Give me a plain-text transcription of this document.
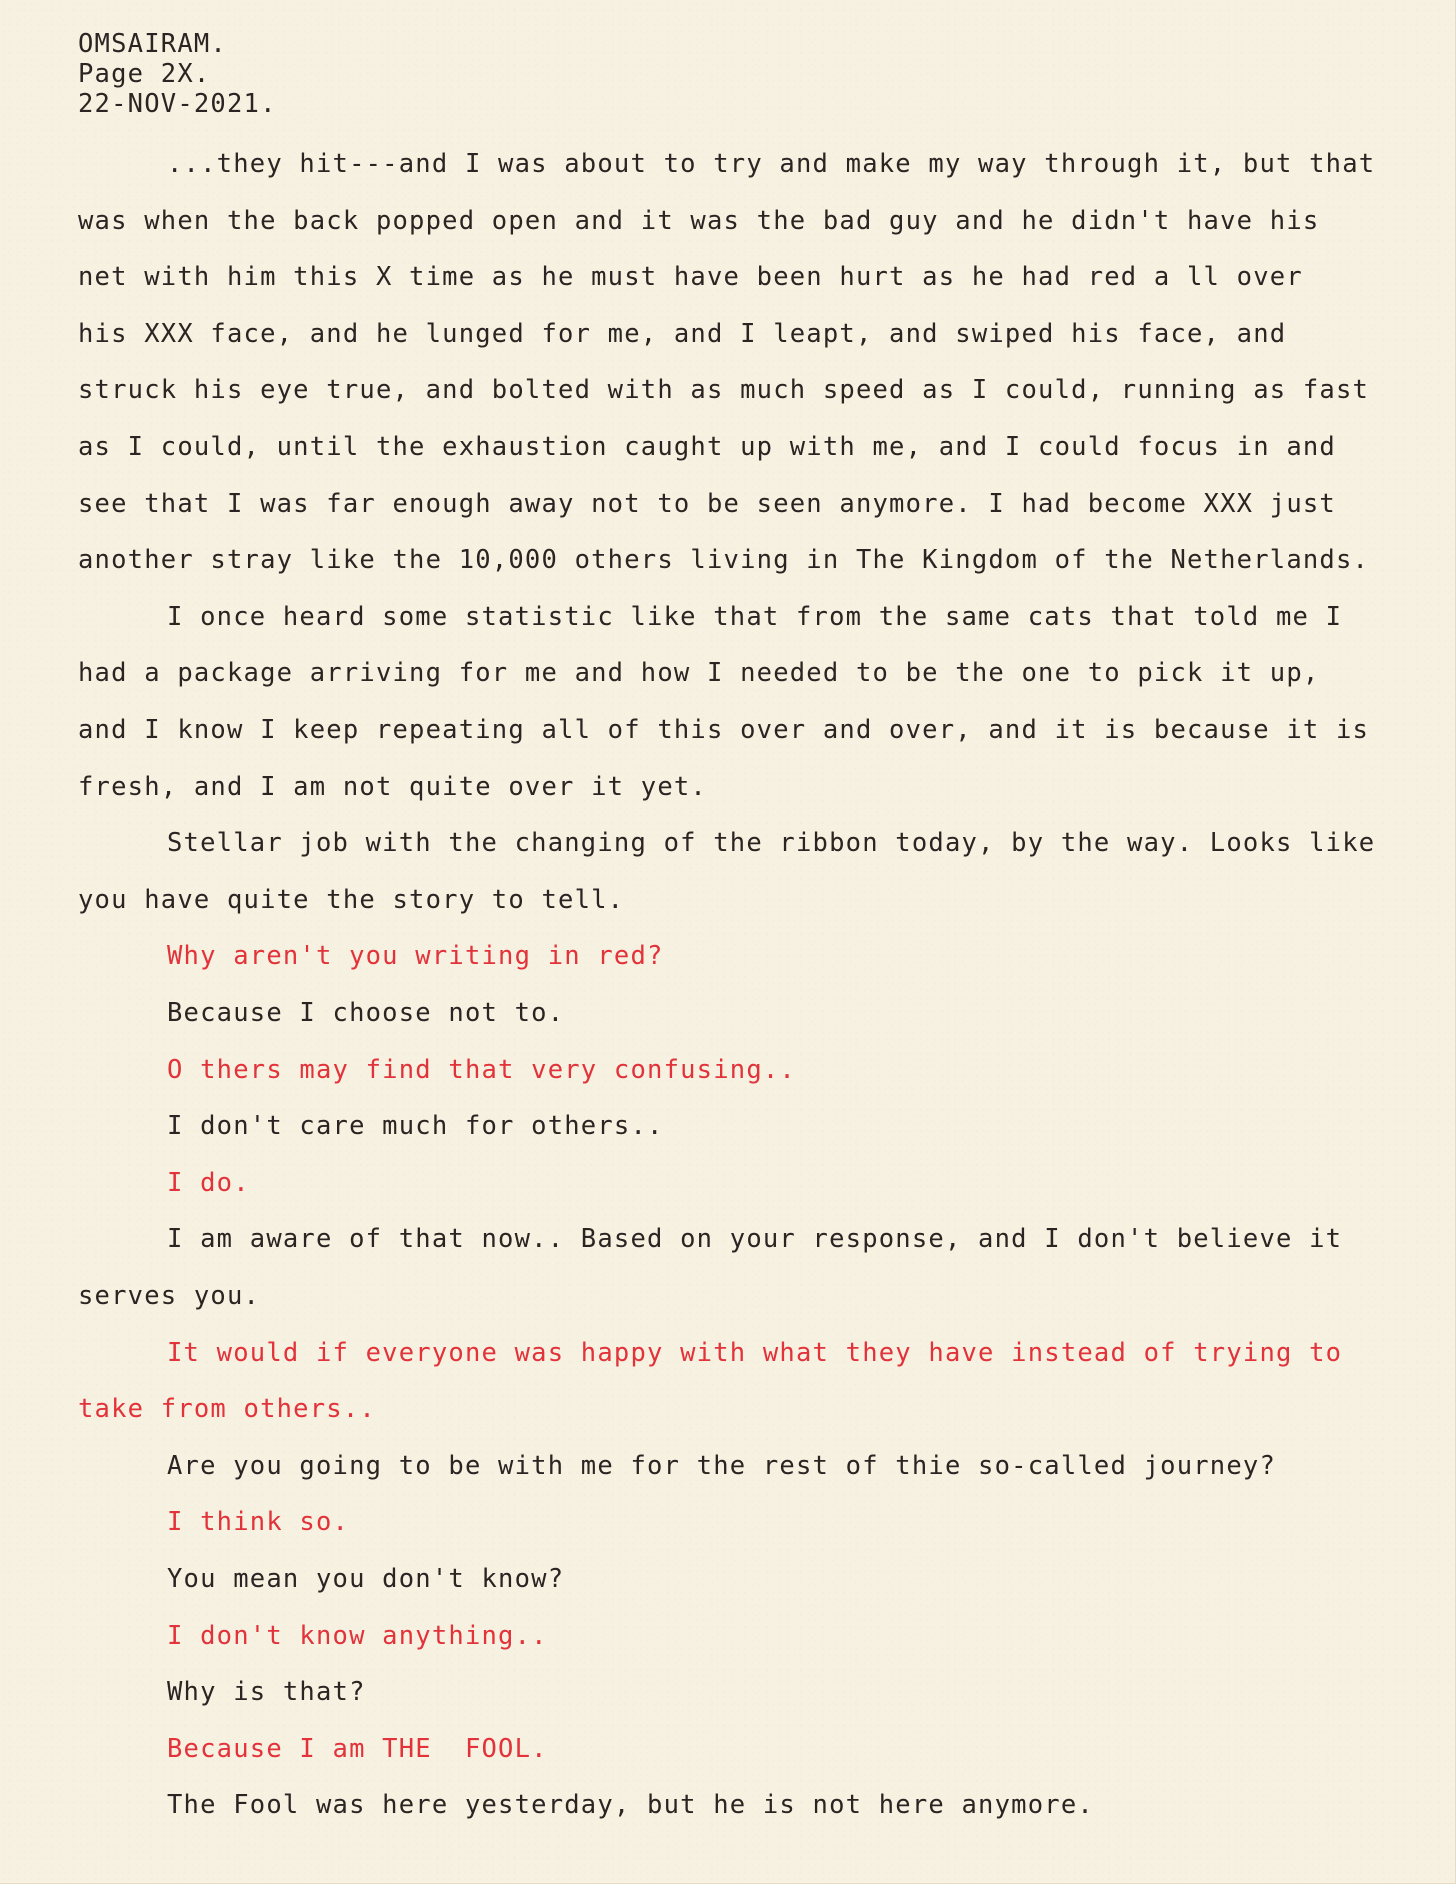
OMSAIRAM.
Page 2X.
22-NOV-2021.
...they hit---and I was about to try and make my way through it, but that
was when the back popped open and it was the bad guy and he didn't have his
net with him this X time as he must have been hurt as he had red a ll over
his XXX face, and he lunged for me, and I leapt, and swiped his face, and
struck his eye true, and bolted with as much speed as I could, running as fast
as I could, until the exhaustion caught up with me, and I could focus in and
see that I was far enough away not to be seen anymore. I had become XXX just
another stray like the 10,000 others living in The Kingdom of the Netherlands.
I once heard some statistic like that from the same cats that told me I
had a package arriving for me and how I needed to be the one to pick it up,
and I know I keep repeating all of this over and over, and it is because it is
fresh, and I am not quite over it yet.
Stellar job with the changing of the ribbon today, by the way. Looks like
you have quite the story to tell.
Why aren't you writing in red?
Because I choose not to.
O thers may find that very confusing..
I don't care much for others..
I do.
I am aware of that now.. Based on your response, and I don't believe it
serves you.
It would if everyone was happy with what they have instead of trying to
take from others..
Are you going to be with me for the rest of thie so-called journey?
I think so.
You mean you don't know?
I don't know anything..
Why is that?
Because I am THE  FOOL.
The Fool was here yesterday, but he is not here anymore.
